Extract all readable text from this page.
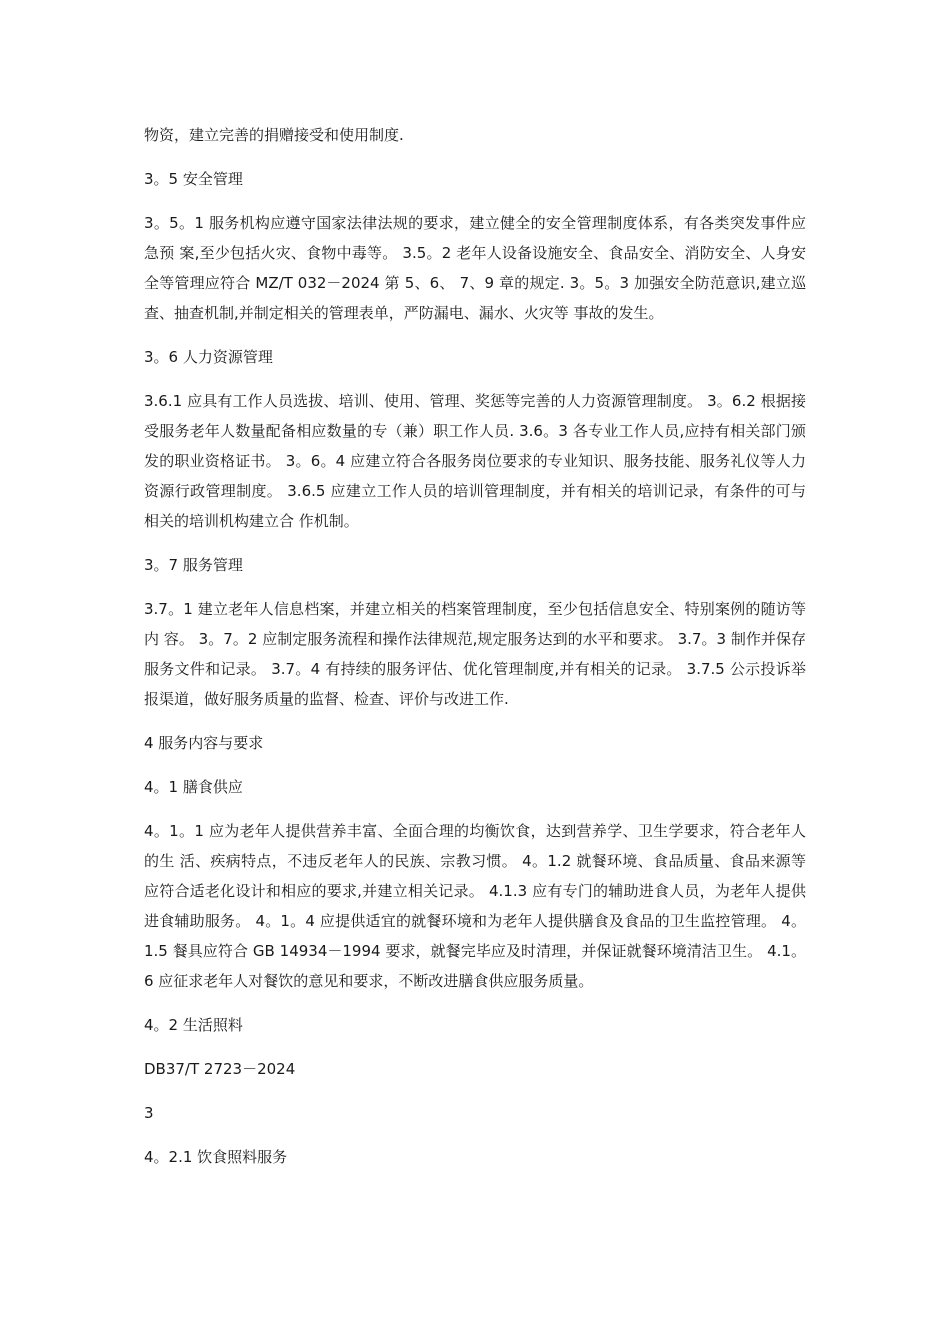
物资，建立完善的捐赠接受和使用制度.

3。5 安全管理

3。5。1 服务机构应遵守国家法律法规的要求，建立健全的安全管理制度体系，有各类突发事件应急预 案,至少包括火灾、食物中毒等。 3.5。2 老年人设备设施安全、食品安全、消防安全、人身安全等管理应符合 MZ/T 032－2024 第 5、6、 7、9 章的规定. 3。5。3 加强安全防范意识,建立巡查、抽查机制,并制定相关的管理表单，严防漏电、漏水、火灾等 事故的发生。

3。6 人力资源管理

3.6.1 应具有工作人员选拔、培训、使用、管理、奖惩等完善的人力资源管理制度。 3。6.2 根据接受服务老年人数量配备相应数量的专（兼）职工作人员. 3.6。3 各专业工作人员,应持有相关部门颁发的职业资格证书。 3。6。4 应建立符合各服务岗位要求的专业知识、服务技能、服务礼仪等人力资源行政管理制度。 3.6.5 应建立工作人员的培训管理制度，并有相关的培训记录，有条件的可与相关的培训机构建立合 作机制。

3。7 服务管理

3.7。1 建立老年人信息档案，并建立相关的档案管理制度，至少包括信息安全、特别案例的随访等内 容。 3。7。2 应制定服务流程和操作法律规范,规定服务达到的水平和要求。 3.7。3 制作并保存服务文件和记录。 3.7。4 有持续的服务评估、优化管理制度,并有相关的记录。 3.7.5 公示投诉举报渠道，做好服务质量的监督、检查、评价与改进工作.

4 服务内容与要求

4。1 膳食供应

4。1。1 应为老年人提供营养丰富、全面合理的均衡饮食，达到营养学、卫生学要求，符合老年人的生 活、疾病特点，不违反老年人的民族、宗教习惯。 4。1.2 就餐环境、食品质量、食品来源等应符合适老化设计和相应的要求,并建立相关记录。 4.1.3 应有专门的辅助进食人员，为老年人提供进食辅助服务。 4。1。4 应提供适宜的就餐环境和为老年人提供膳食及食品的卫生监控管理。 4。1.5 餐具应符合 GB 14934－1994 要求，就餐完毕应及时清理，并保证就餐环境清洁卫生。 4.1。6 应征求老年人对餐饮的意见和要求，不断改进膳食供应服务质量。

4。2 生活照料

DB37/T 2723－2024

3

4。2.1 饮食照料服务
